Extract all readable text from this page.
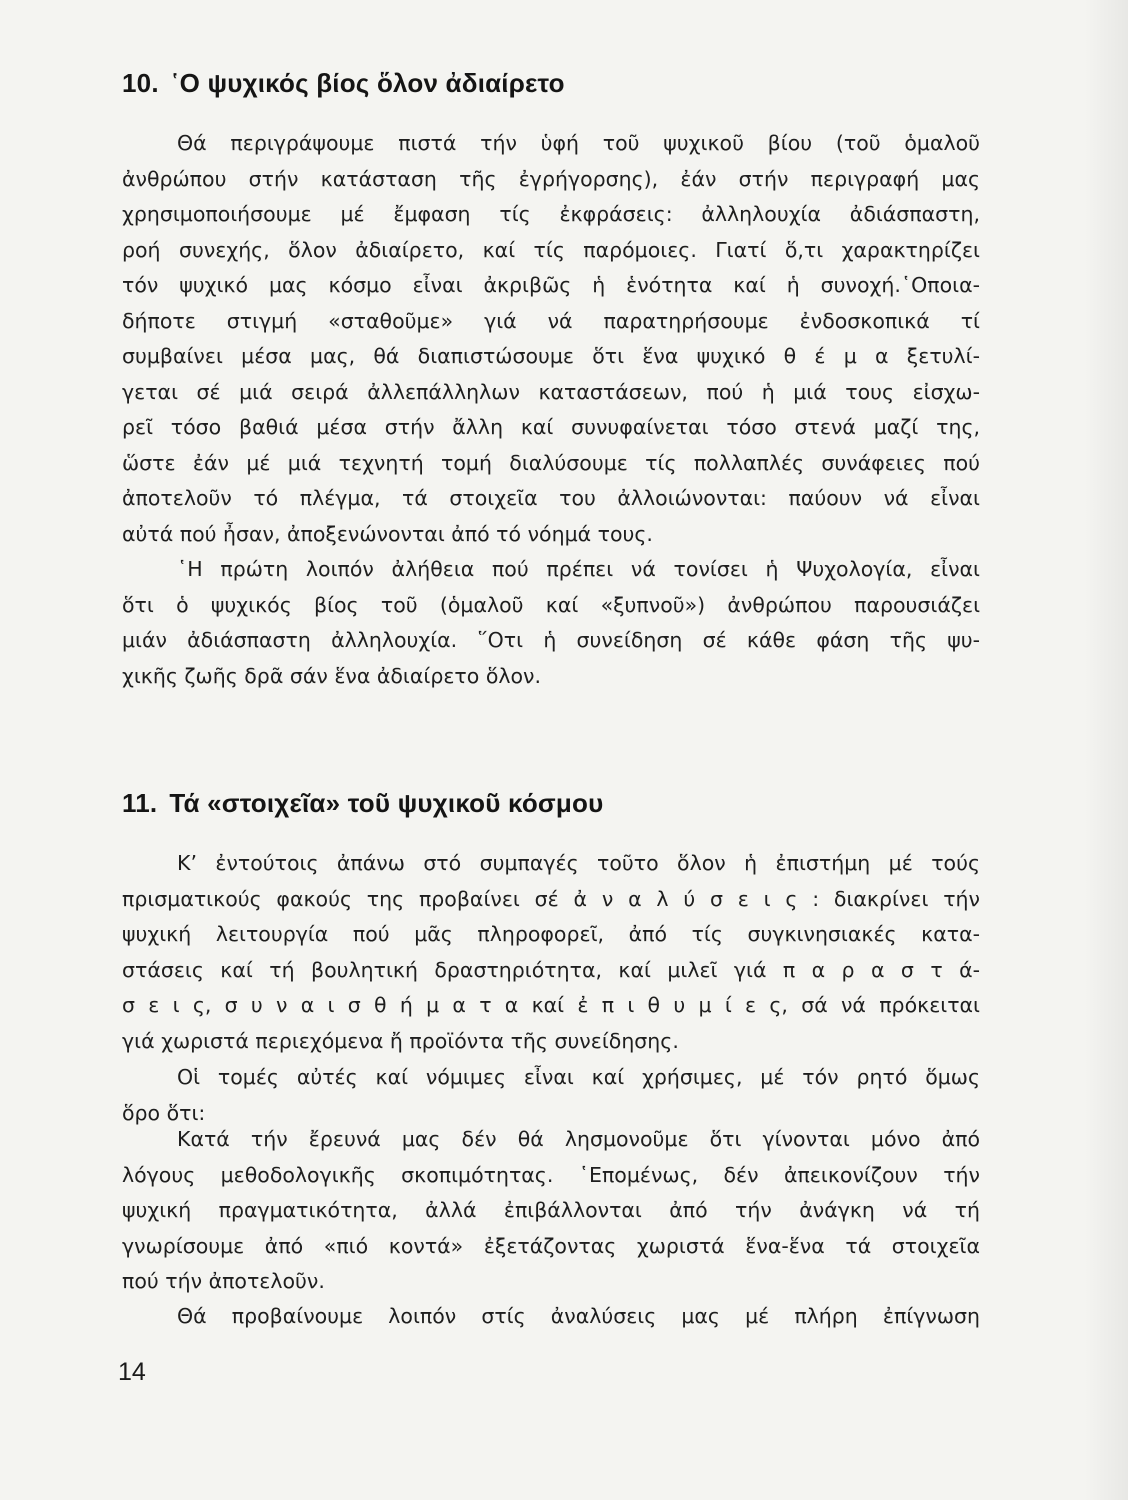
10. ῾Ο ψυχικός βίος ὅλον ἀδιαίρετο
Θά περιγράψουμε πιστά τήν ὑφή τοῦ ψυχικοῦ βίου (τοῦ ὁμαλοῦ
ἀνθρώπου στήν κατάσταση τῆς ἐγρήγορσης), ἐάν στήν περιγραφή μας
χρησιμοποιήσουμε μέ ἔμφαση τίς ἐκφράσεις: ἀλληλουχία ἀδιάσπαστη,
ροή συνεχής, ὅλον ἀδιαίρετο, καί τίς παρόμοιες. Γιατί ὅ,τι χαρακτηρίζει
τόν ψυχικό μας κόσμο εἶναι ἀκριβῶς ἡ ἑνότητα καί ἡ συνοχή.῾Οποια-
δήποτε στιγμή «σταθοῦμε» γιά νά παρατηρήσουμε ἐνδοσκοπικά τί
συμβαίνει μέσα μας, θά διαπιστώσουμε ὅτι ἕνα ψυχικό θ έ μ α ξετυλί-
γεται σέ μιά σειρά ἀλλεπάλληλων καταστάσεων, πού ἡ μιά τους εἰσχω-
ρεῖ τόσο βαθιά μέσα στήν ἄλλη καί συνυφαίνεται τόσο στενά μαζί της,
ὥστε ἐάν μέ μιά τεχνητή τομή διαλύσουμε τίς πολλαπλές συνάφειες πού
ἀποτελοῦν τό πλέγμα, τά στοιχεῖα του ἀλλοιώνονται: παύουν νά εἶναι
αὐτά πού ἦσαν, ἀποξενώνονται ἀπό τό νόημά τους.
῾Η πρώτη λοιπόν ἀλήθεια πού πρέπει νά τονίσει ἡ Ψυχολογία, εἶναι
ὅτι ὁ ψυχικός βίος τοῦ (ὁμαλοῦ καί «ξυπνοῦ») ἀνθρώπου παρουσιάζει
μιάν ἀδιάσπαστη ἀλληλουχία. ῞Οτι ἡ συνείδηση σέ κάθε φάση τῆς ψυ-
χικῆς ζωῆς δρᾶ σάν ἕνα ἀδιαίρετο ὅλον.
11. Τά «στοιχεῖα» τοῦ ψυχικοῦ κόσμου
Κ’ ἐντούτοις ἀπάνω στό συμπαγές τοῦτο ὅλον ἡ ἐπιστήμη μέ τούς
πρισματικούς φακούς της προβαίνει σέ ἀ ν α λ ύ σ ε ι ς : διακρίνει τήν
ψυχική λειτουργία πού μᾶς πληροφορεῖ, ἀπό τίς συγκινησιακές κατα-
στάσεις καί τή βουλητική δραστηριότητα, καί μιλεῖ γιά π α ρ α σ τ ά-
σ ε ι ς, σ υ ν α ι σ θ ή μ α τ α καί ἐ π ι θ υ μ ί ε ς, σά νά πρόκειται
γιά χωριστά περιεχόμενα ἤ προϊόντα τῆς συνείδησης.
Οἱ τομές αὐτές καί νόμιμες εἶναι καί χρήσιμες, μέ τόν ρητό ὅμως
ὅρο ὅτι:
Κατά τήν ἔρευνά μας δέν θά λησμονοῦμε ὅτι γίνονται μόνο ἀπό
λόγους μεθοδολογικῆς σκοπιμότητας. ῾Επομένως, δέν ἀπεικονίζουν τήν
ψυχική πραγματικότητα, ἀλλά ἐπιβάλλονται ἀπό τήν ἀνάγκη νά τή
γνωρίσουμε ἀπό «πιό κοντά» ἐξετάζοντας χωριστά ἕνα-ἕνα τά στοιχεῖα
πού τήν ἀποτελοῦν.
Θά προβαίνουμε λοιπόν στίς ἀναλύσεις μας μέ πλήρη ἐπίγνωση
14
